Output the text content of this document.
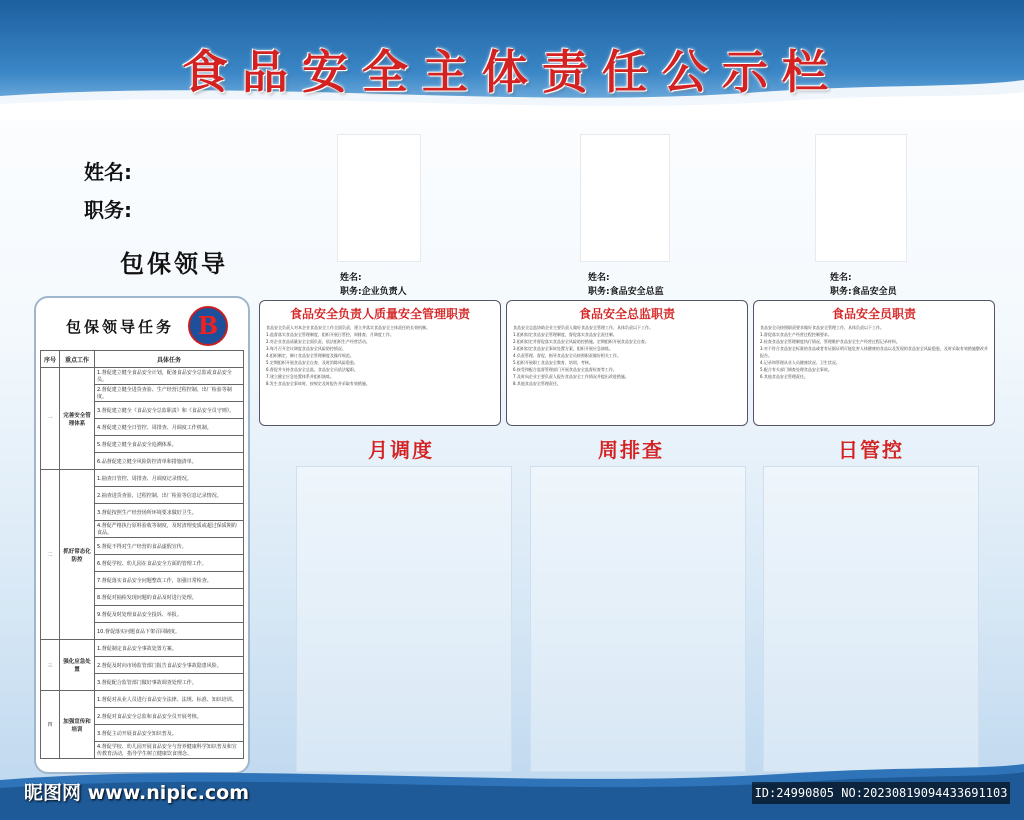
食品安全主体责任公示栏
姓名:
职务:
包保领导	姓名:
职务:企业负责人
姓名:
职务:食品安全总监
姓名:
职务:食品安全员
包保领导任务 B
序号	重点工作	具体任务
一	完善安全管理体系	1.督促建立健全食品安全计划，配备食品安全总监或食品安全员。
		2.督促建立健全进货查验、生产经营过程控制、出厂检验等制度。
		3.督促建立健全《食品安全总监职责》和《食品安全员守则》。
		4.督促建立健全日管控、周排查、月调度工作机制。
		5.督促建立健全食品安全追溯体系。
		6.品督促建立健全风险防控清单和措施清单。
二	抓好常态化防控	1.抽查日管控、周排查、月调度记录情况。
		2.抽查进货查验、过程控制、出厂检验等信息记录情况。
		3.督促按照生产经营场所环境要求做好卫生。
		4.督促严格执行原料验收等制度，及时清理变质或超过保质期的食品。
		5.督促不得对生产经营的食品虚假宣传。
		6.督促学校、幼儿园在食品安全方面的管理工作。
		7.督促落实食品安全问题整改工作，加强日常检查。
		8.督促对抽检发现问题的食品及时进行处理。
		9.督促及时处理食品安全投诉、举报。
		10.督促落实问题食品下架召回制度。
三	强化应急处置	1.督促制定食品安全事故处置方案。
		2.督促及时向市场监管部门报告食品安全事故隐患风险。
		3.督促配合监管部门做好事故调查处理工作。
四	加强宣传和培训	1.督促对从业人员进行食品安全法律、法规、标准、知识培训。
		2.督促对食品安全总监和食品安全员开展考核。
		3.督促主动开展食品安全知识普及。
		4.督促学校、幼儿园开展食品安全与营养健康科学知识普及和宣传教育活动，指导学生树立健康饮食理念。
食品安全负责人质量安全管理职责

食品安全负责人对本企业食品安全工作全面负责，建立并落实食品安全主体责任的长效机制。

1.监督落实食品安全管理制度，组织开展日管控、周排查、月调度工作。

2.对企业食品质量安全全面负责，依法组织生产经营活动。

3.每月召开会议调度食品安全风险防控情况。

4.组织制定、修订食品安全管理制度及操作规范。

5.定期组织开展食品安全自查，及时消除风险隐患。

6.督促并支持食品安全总监、食品安全员依法履职。

7.建立健全应急处置体系并组织演练。

8.发生食品安全事故时，按规定及时报告并采取有效措施。

食品安全总监职责

食品安全总监协助企业主要负责人做好食品安全管理工作，具体负责以下工作。

1.组织拟定食品安全管理制度，督促落实食品安全责任制。

2.组织拟定并督促落实食品安全风险防控措施，定期组织开展食品安全自查。

3.组织拟定食品安全事故处置方案，组织开展应急演练。

4.负责管理、督促、指导食品安全员按照职责做好相关工作。

5.组织开展职工食品安全教育、培训、考核。

6.接受和配合监督管理部门开展食品安全监督检查等工作。

7.及时向企业主要负责人报告食品安全工作情况并提出改进措施。

8.其他食品安全管理责任。

食品安全员职责

食品安全员按照职责要求做好食品安全管理工作，具体负责以下工作。

1.督促落实食品生产经营过程控制要求。

2.检查食品安全管理制度执行情况，管理维护食品安全生产经营过程记录材料。

3.对不符合食品安全标准的食品或者有证据证明可能危害人体健康的食品以及发现的食品安全风险隐患，及时采取有效措施整改并报告。

4.记录和管理从业人员健康状况、卫生状况。

5.配合有关部门调查处理食品安全事故。

6.其他食品安全管理责任。

月调度	周排查	日管控
昵图网 www.nipic.com	ID:24990805 NO:20230819094433691103
